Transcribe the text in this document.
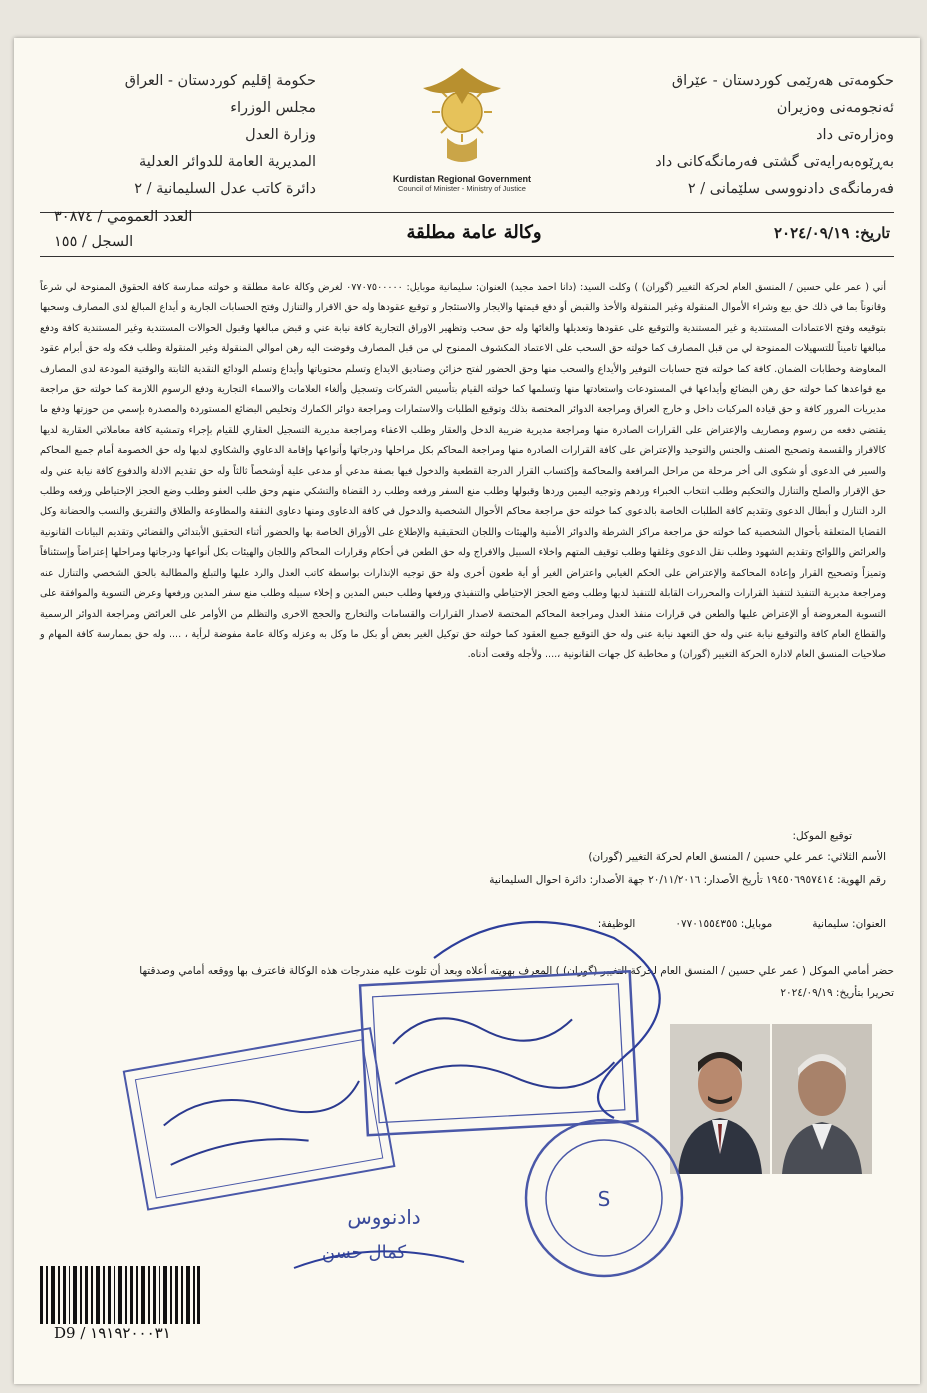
حکومەتی هەرێمی کوردستان - عێراق
ئەنجومەنی وەزیران
وەزارەتی داد
بەڕێوەبەرایەتی گشتی فەرمانگەکانی داد
فەرمانگەی دادنووسی سلێمانی / ٢
Kurdistan Regional Government
Council of Minister - Ministry of Justice
حكومة إقليم كوردستان - العراق
مجلس الوزراء
وزارة العدل
المديرية العامة للدوائر العدلية
دائرة كاتب عدل السليمانية / ٢
تاريخ: ٢٠٢٤/٠٩/١٩
وكالة عامة مطلقة
العدد العمومي / ٣٠٨٧٤
السجل / ١٥٥
أني ( عمر علي حسين / المنسق العام لحركة التغيير (گوران) ) وكلت السيد: (دانا احمد مجيد) العنوان: سليمانية موبايل: ٠٧٧٠٧٥٠٠٠٠٠ لغرض وكالة عامة مطلقة و خولته ممارسة كافة الحقوق الممنوحة لي شرعاً وقانوناً بما في ذلك حق بيع وشراء الأموال المنقولة وغير المنقولة والأخذ والقبض أو دفع قيمتها والايجار والاستئجار و توقيع عقودها وله حق الاقرار والتنازل وفتح الحسابات الجارية و أيداع المبالغ لدى المصارف وسحبها بتوقيعه وفتح الاعتمادات المستندية و غير المستندية والتوقيع على عقودها وتعديلها والغائها وله حق سحب وتظهير الاوراق التجارية كافة نيابة عني و قبض مبالغها وقبول الحوالات المستندية وغير المستندية كافة ودفع مبالغها تاميناً للتسهيلات الممنوحة لي من قبل المصارف كما خولته حق السحب على الاعتماد المكشوف الممنوح لي من قبل المصارف وفوضت اليه رهن اموالي المنقولة وغير المنقولة وطلب فكه وله حق أبرام عقود المعاوضة وخطابات الضمان. كافة كما خولته فتح حسابات التوفير والأيداع والسحب منها وحق الحضور لفتح خزائن وصناديق الايداع وتسلم محتوياتها وأيداع وتسلم الودائع النقدية الثابتة والوقتية المودعة لدى المصارف مع قواعدها كما خولته حق رهن البضائع وأيداعها في المستودعات واستعادتها منها وتسلمها كما خولته القيام بتأسيس الشركات وتسجيل وألغاء العلامات والاسماء التجارية ودفع الرسوم اللازمة كما خولته حق مراجعة مديريات المرور كافة و حق قيادة المركبات داخل و خارج العراق ومراجعة الدوائر المختصة بذلك وتوقيع الطلبات والاستمارات ومراجعة دوائر الكمارك وتخليص البضائع المستوردة والمصدرة بإسمي من حوزتها ودفع ما يقتضي دفعه من رسوم ومصاريف والإعتراض على القرارات الصادرة منها ومراجعة مديرية ضريبة الدخل والعقار وطلب الاعفاء ومراجعة مديرية التسجيل العقاري للقيام بإجراء وتمشية كافة معاملاتي العقارية لديها كالافراز والقسمة وتصحيح الصنف والجنس والتوحيد والإعتراض على كافة القرارات الصادرة منها ومراجعة المحاكم بكل مراحلها ودرجاتها وأنواعها وإقامة الدعاوي والشكاوي لديها وله حق الخصومة أمام جميع المحاكم والسير في الدعوى أو شكوى الى أخر مرحلة من مراحل المرافعة والمحاكمة وإكتساب القرار الدرجة القطعية والدخول فيها بصفة مدعي أو مدعى علية أوشخصاً ثالثاً وله حق تقديم الادلة والدفوع كافة نيابة عني وله حق الإقرار والصلح والتنازل والتحكيم وطلب انتخاب الخبراء وردهم وتوجيه اليمين وردها وقبولها وطلب منع السفر ورفعه وطلب رد القضاة والتشكي منهم وحق طلب العفو وطلب وضع الحجز الإحتياطي ورفعه وطلب الرد التنازل و أبطال الدعوى وتقديم كافة الطلبات الخاصة بالدعوى كما خولته حق مراجعة محاكم الأحوال الشخصية والدخول في كافة الدعاوى ومنها دعاوى النفقة والمطاوعة والطلاق والتفريق والنسب والحضانة وكل القضايا المتعلقة بأحوال الشخصية كما خولته حق مراجعة مراكز الشرطة والدوائر الأمنية والهيئات واللجان التحقيقية والإطلاع على الأوراق الخاصة بها والحضور أثناء التحقيق الأبتدائي والقضائي وتقديم البيانات القانونية والعرائض واللوائح وتقديم الشهود وطلب نقل الدعوى وغلقها وطلب توقيف المتهم واخلاء السبيل والافراج وله حق الطعن في أحكام وقرارات المحاكم واللجان والهيئات بكل أنواعها ودرجاتها ومراحلها إعتراضاً وإستئنافاً وتميزاً وتصحيح القرار وإعادة المحاكمة والإعتراض على الحكم الغيابي واعتراض الغير أو أية طعون أخرى ولة حق توجيه الإنذارات بواسطة كاتب العدل والرد عليها والتبلغ والمطالبة بالحق الشخصي والتنازل عنه ومراجعة مديرية التنفيذ لتنفيذ القرارات والمحررات القابلة للتنفيذ لديها وطلب وضع الحجز الإحتياطي والتنفيذي ورفعها وطلب حبس المدين و إخلاء سبيله وطلب منع سفر المدين ورفعها وعرض التسوية والموافقة على التسوية المعروضة أو الإعتراض عليها والطعن في قرارات منفذ العدل ومراجعة المحاكم المختصة لاصدار القرارات والقسامات والتخارج والحجج الاخرى والتظلم من الأوامر على العرائض ومراجعة الدوائر الرسمية والقطاع العام كافة والتوقيع نيابة عني وله حق التعهد نيابة عنى وله حق التوقيع جميع العقود كما خولته حق توكيل الغير بعض أو بكل ما وكل به وعزله وكالة عامة مفوضة لرأية ، .... وله حق بممارسة كافة المهام و صلاحيات المنسق العام لادارة الحركة التغيير (گوران) و مخاطبة كل جهات القانونية ،.... ولأجله وقعت أدناه.
توقيع الموكل:
الأسم الثلاثي: عمر علي حسين / المنسق العام لحركة التغيير (گوران)
رقم الهوية: ١٩٤٥٠٦٩٥٧٤١٤ تأريخ الأصدار: ٢٠/١١/٢٠١٦ جهة الأصدار: دائرة احوال السليمانية
العنوان: سليمانيةموبايل: ٠٧٧٠١٥٥٤٣٥٥الوظيفة:
حضر أمامي الموكل ( عمر علي حسين / المنسق العام لحركة التغيير (گوران) ) المعرف بهويته أعلاه وبعد أن تلوت عليه مندرجات هذه الوكالة فاعترف بها ووقعه أمامي وصدقتها
تحريرا بتأريخ: ٢٠٢٤/٠٩/١٩
S
دادنووس
كمال حسن
D9 / ١٩١٩٢٠٠٠٣١
